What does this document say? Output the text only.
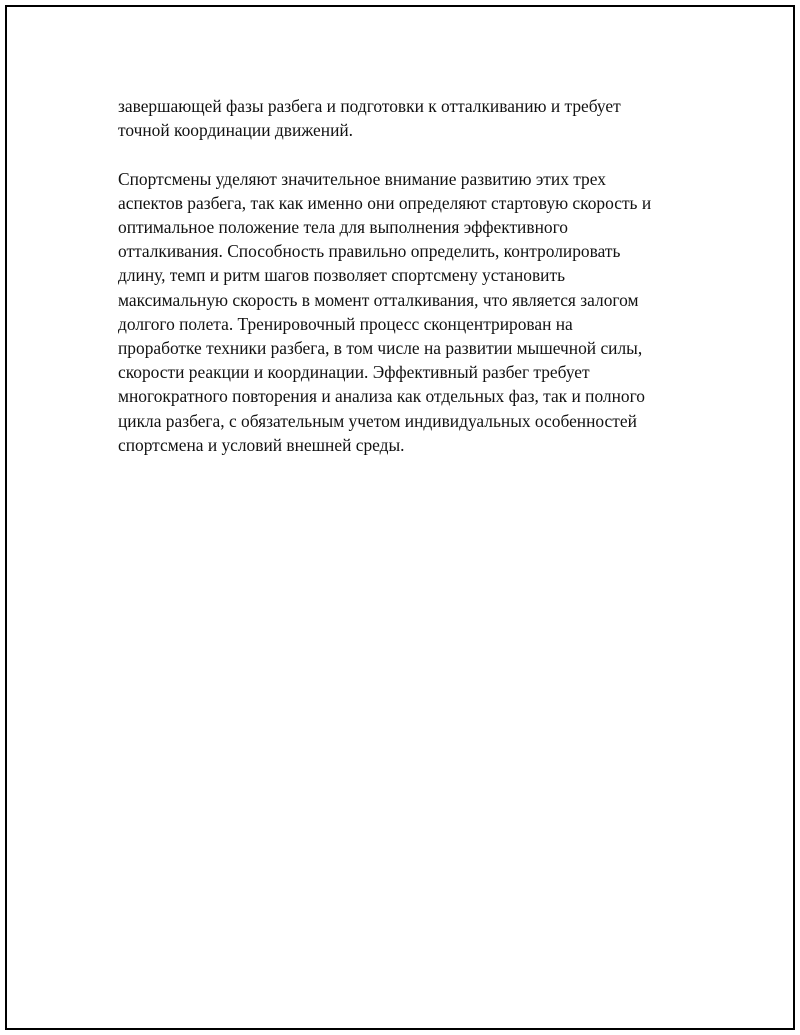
завершающей фазы разбега и подготовки к отталкиванию и требует
точной координации движений.

Спортсмены уделяют значительное внимание развитию этих трех
аспектов разбега, так как именно они определяют стартовую скорость и
оптимальное положение тела для выполнения эффективного
отталкивания. Способность правильно определить, контролировать
длину, темп и ритм шагов позволяет спортсмену установить
максимальную скорость в момент отталкивания, что является залогом
долгого полета. Тренировочный процесс сконцентрирован на
проработке техники разбега, в том числе на развитии мышечной силы,
скорости реакции и координации. Эффективный разбег требует
многократного повторения и анализа как отдельных фаз, так и полного
цикла разбега, с обязательным учетом индивидуальных особенностей
спортсмена и условий внешней среды.
